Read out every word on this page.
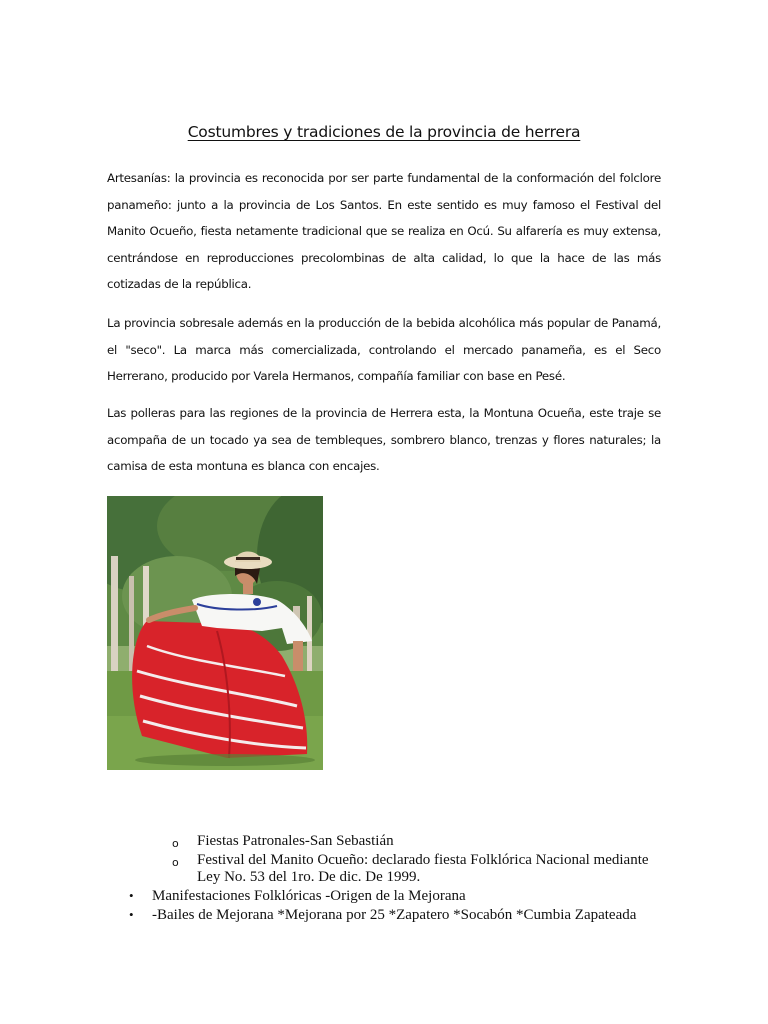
Costumbres y tradiciones de la provincia de herrera

Artesanías: la provincia es reconocida por ser parte fundamental de la conformación del folclore panameño: junto a la provincia de Los Santos. En este sentido es muy famoso el Festival del Manito Ocueño, fiesta netamente tradicional que se realiza en Ocú. Su alfarería es muy extensa, centrándose en reproducciones precolombinas de alta calidad, lo que la hace de las más cotizadas de la república.

La provincia sobresale además en la producción de la bebida alcohólica más popular de Panamá, el "seco". La marca más comercializada, controlando el mercado panameña, es el Seco Herrerano, producido por Varela Hermanos, compañía familiar con base en Pesé.

Las polleras para las regiones de la provincia de Herrera esta, la Montuna Ocueña, este traje se acompaña de un tocado ya sea de tembleques, sombrero blanco, trenzas y flores naturales; la camisa de esta montuna es blanca con encajes.

o Fiestas Patronales-San Sebastián
o Festival del Manito Ocueño: declarado fiesta Folklórica Nacional mediante Ley No. 53 del 1ro. De dic. De 1999.
• Manifestaciones Folklóricas -Origen de la Mejorana
• -Bailes de Mejorana *Mejorana por 25 *Zapatero *Socabón *Cumbia Zapateada
